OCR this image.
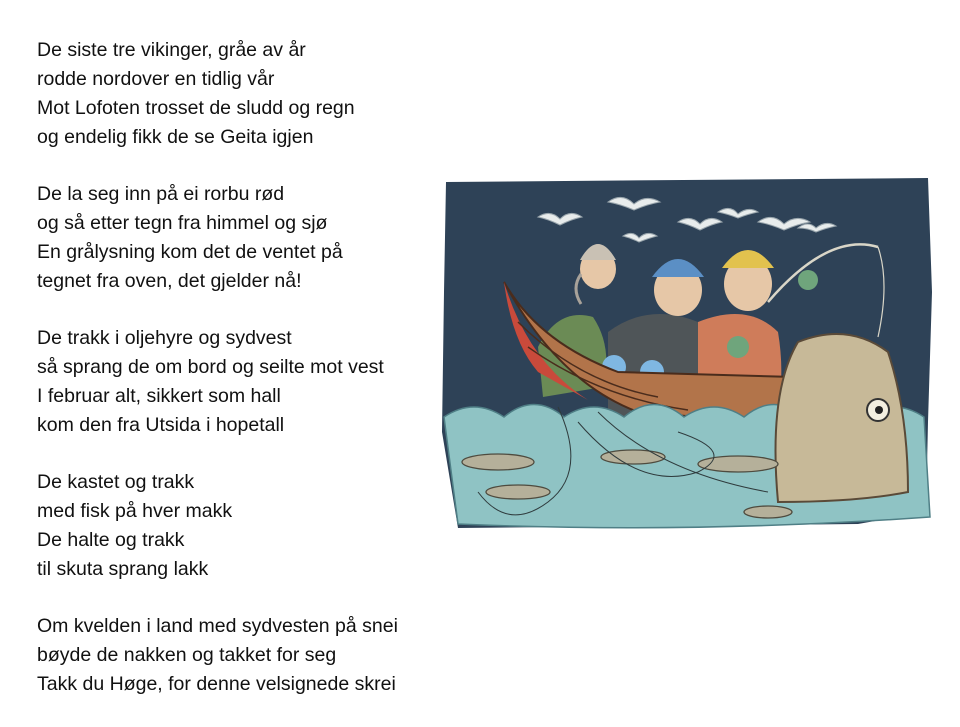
De siste tre vikinger, gråe av år
rodde nordover en tidlig vår
Mot Lofoten trosset de sludd og regn
og endelig fikk de se Geita igjen
De la seg inn på ei rorbu rød
og så etter tegn fra himmel og sjø
En grålysning kom det de ventet på
tegnet fra oven, det gjelder nå!
De trakk i oljehyre og sydvest
så sprang de om bord og seilte mot vest
I februar alt, sikkert som hall
kom den fra Utsida i hopetall
De kastet og trakk
med fisk på hver makk
De halte og trakk
til skuta sprang lakk
Om kvelden i land med sydvesten på snei
bøyde de nakken og takket for seg
Takk du Høge, for denne velsignede skrei
